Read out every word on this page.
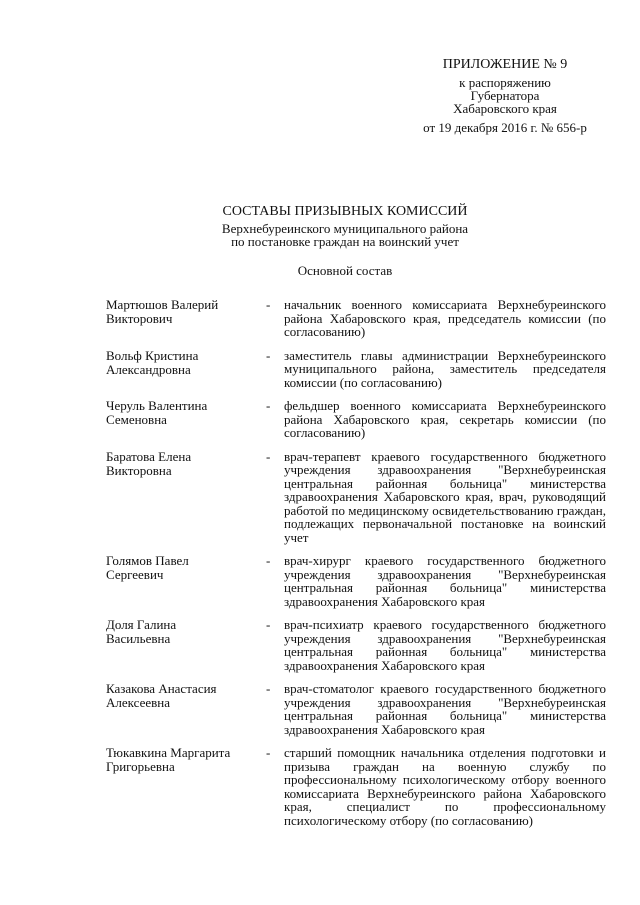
ПРИЛОЖЕНИЕ № 9
к распоряжению
Губернатора
Хабаровского края
от 19 декабря 2016 г. № 656-р
СОСТАВЫ ПРИЗЫВНЫХ КОМИССИЙ
Верхнебуреинского муниципального района
по постановке граждан на воинский учет
Основной состав
Мартюшов Валерий
Викторович
-	начальник военного комиссариата Верхнебуреинского района Хабаровского края, председатель комиссии (по согласованию)
Вольф Кристина
Александровна
-	заместитель главы администрации Верхнебуреинского муниципального района, заместитель председателя комиссии (по согласованию)
Черуль Валентина
Семеновна
-	фельдшер военного комиссариата Верхнебуреинского района Хабаровского края, секретарь комиссии (по согласованию)
Баратова Елена
Викторовна
-	врач-терапевт краевого государственного бюджетного учреждения здравоохранения "Верхнебуреинская центральная районная больница" министерства здравоохранения Хабаровского края, врач, руководящий работой по медицинскому освидетельствованию граждан, подлежащих первоначальной постановке на воинский учет
Голямов Павел
Сергеевич
-	врач-хирург краевого государственного бюджетного учреждения здравоохранения "Верхнебуреинская центральная районная больница" министерства здравоохранения Хабаровского края
Доля Галина
Васильевна
-	врач-психиатр краевого государственного бюджетного учреждения здравоохранения "Верхнебуреинская центральная районная больница" министерства здравоохранения Хабаровского края
Казакова Анастасия
Алексеевна
-	врач-стоматолог краевого государственного бюджетного учреждения здравоохранения "Верхнебуреинская центральная районная больница" министерства здравоохранения Хабаровского края
Тюкавкина Маргарита
Григорьевна
-	старший помощник начальника отделения подготовки и призыва граждан на военную службу по профессиональному психологическому отбору военного комиссариата Верхнебуреинского района Хабаровского края, специалист по профессиональному психологическому отбору (по согласованию)
